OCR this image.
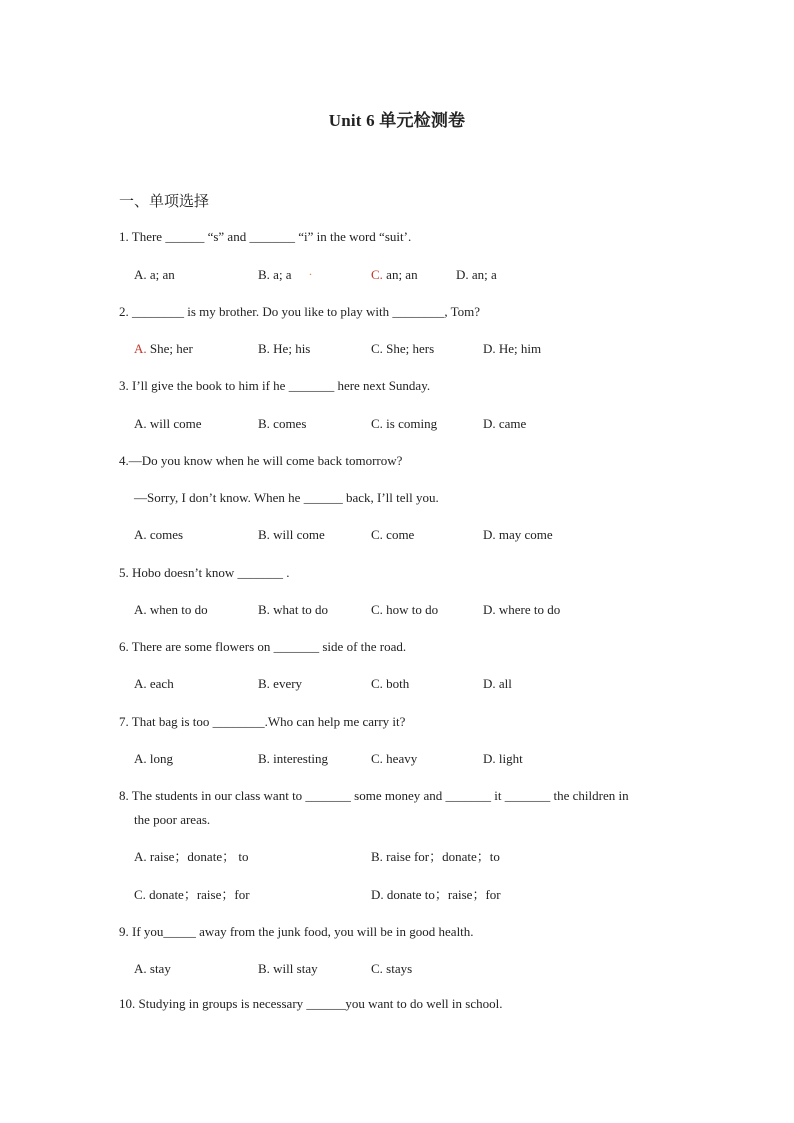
Unit 6 单元检测卷
一、单项选择
1. There ______ “s” and _______ “i” in the word “suit’.
A. a; an	B. a; a .	C. an; an	D. an; a
2. ________ is my brother. Do you like to play with ________, Tom?
A. She; her	B. He; his	C. She; hers	D. He; him
3. I’ll give the book to him if he _______ here next Sunday.
A. will come	B. comes	C. is coming	D. came
4.—Do you know when he will come back tomorrow?
—Sorry, I don’t know. When he ______ back, I’ll tell you.
A. comes	B. will come	C. come	D. may come
5. Hobo doesn’t know _______ .
A. when to do	B. what to do	C. how to do	D. where to do
6. There are some flowers on _______ side of the road.
A. each	B. every	C. both	D. all
7. That bag is too ________.Who can help me carry it?
A. long	B. interesting	C. heavy	D. light
8. The students in our class want to _______ some money and _______ it _______ the children in
the poor areas.
A. raise；donate； to	B. raise for；donate；to
C. donate；raise；for	D. donate to；raise；for
9. If you_____ away from the junk food, you will be in good health.
A. stay	B. will stay	C. stays
10. Studying in groups is necessary ______you want to do well in school.
